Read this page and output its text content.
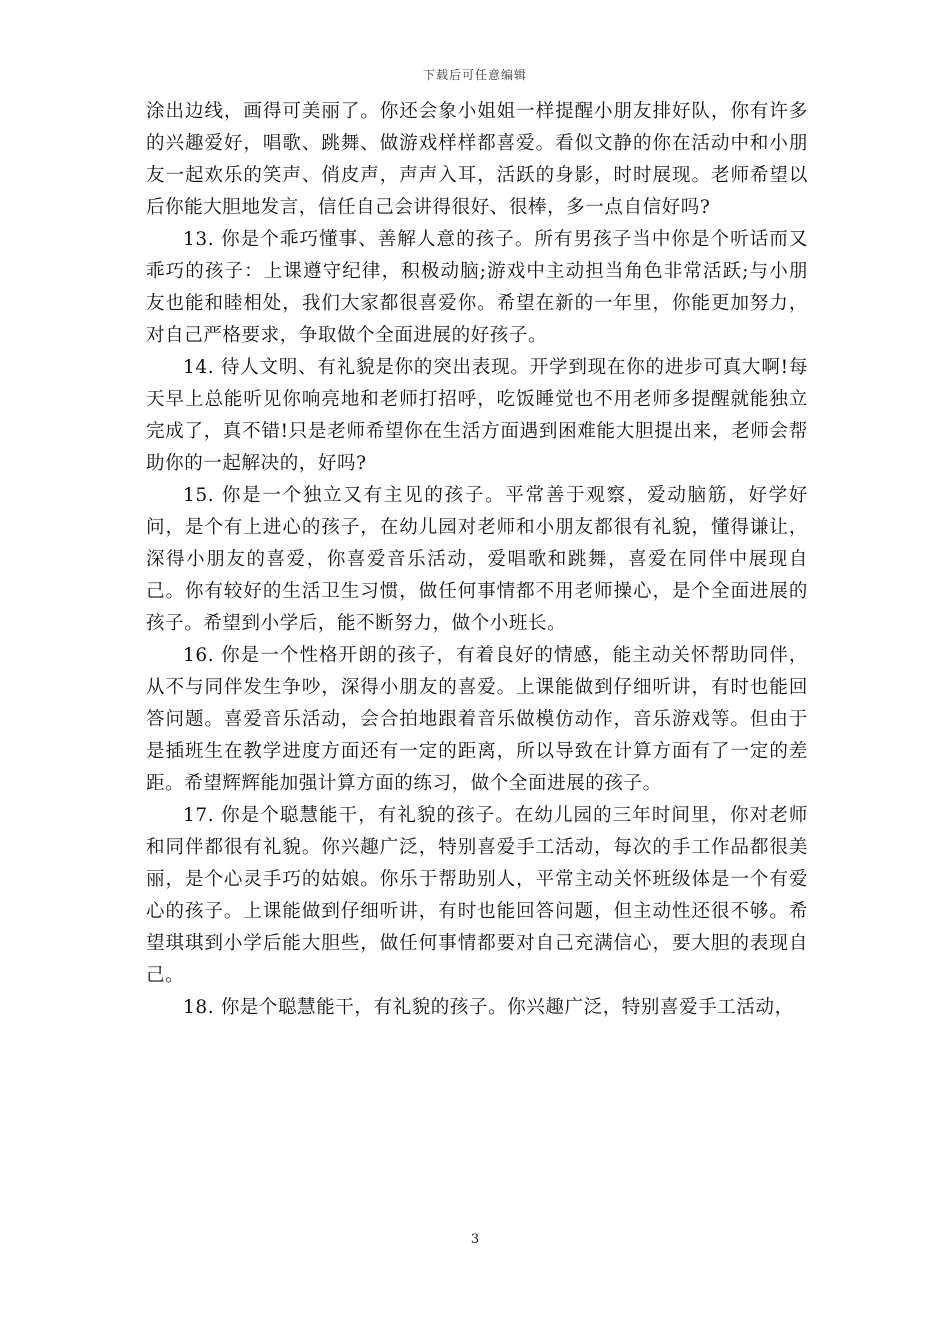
下载后可任意编辑

涂出边线，画得可美丽了。你还会象小姐姐一样提醒小朋友排好队，你有许多的兴趣爱好，唱歌、跳舞、做游戏样样都喜爱。看似文静的你在活动中和小朋友一起欢乐的笑声、俏皮声，声声入耳，活跃的身影，时时展现。老师希望以后你能大胆地发言，信任自己会讲得很好、很棒，多一点自信好吗?

13. 你是个乖巧懂事、善解人意的孩子。所有男孩子当中你是个听话而又乖巧的孩子：上课遵守纪律，积极动脑;游戏中主动担当角色非常活跃;与小朋友也能和睦相处，我们大家都很喜爱你。希望在新的一年里，你能更加努力，对自己严格要求，争取做个全面进展的好孩子。

14. 待人文明、有礼貌是你的突出表现。开学到现在你的进步可真大啊!每天早上总能听见你响亮地和老师打招呼，吃饭睡觉也不用老师多提醒就能独立完成了，真不错!只是老师希望你在生活方面遇到困难能大胆提出来，老师会帮助你的一起解决的，好吗?

15. 你是一个独立又有主见的孩子。平常善于观察，爱动脑筋，好学好问，是个有上进心的孩子，在幼儿园对老师和小朋友都很有礼貌，懂得谦让，深得小朋友的喜爱，你喜爱音乐活动，爱唱歌和跳舞，喜爱在同伴中展现自己。你有较好的生活卫生习惯，做任何事情都不用老师操心，是个全面进展的孩子。希望到小学后，能不断努力，做个小班长。

16. 你是一个性格开朗的孩子，有着良好的情感，能主动关怀帮助同伴，从不与同伴发生争吵，深得小朋友的喜爱。上课能做到仔细听讲，有时也能回答问题。喜爱音乐活动，会合拍地跟着音乐做模仿动作，音乐游戏等。但由于是插班生在教学进度方面还有一定的距离，所以导致在计算方面有了一定的差距。希望辉辉能加强计算方面的练习，做个全面进展的孩子。

17. 你是个聪慧能干，有礼貌的孩子。在幼儿园的三年时间里，你对老师和同伴都很有礼貌。你兴趣广泛，特别喜爱手工活动，每次的手工作品都很美丽，是个心灵手巧的姑娘。你乐于帮助别人，平常主动关怀班级体是一个有爱心的孩子。上课能做到仔细听讲，有时也能回答问题，但主动性还很不够。希望琪琪到小学后能大胆些，做任何事情都要对自己充满信心，要大胆的表现自己。

18. 你是个聪慧能干，有礼貌的孩子。你兴趣广泛，特别喜爱手工活动，

3
